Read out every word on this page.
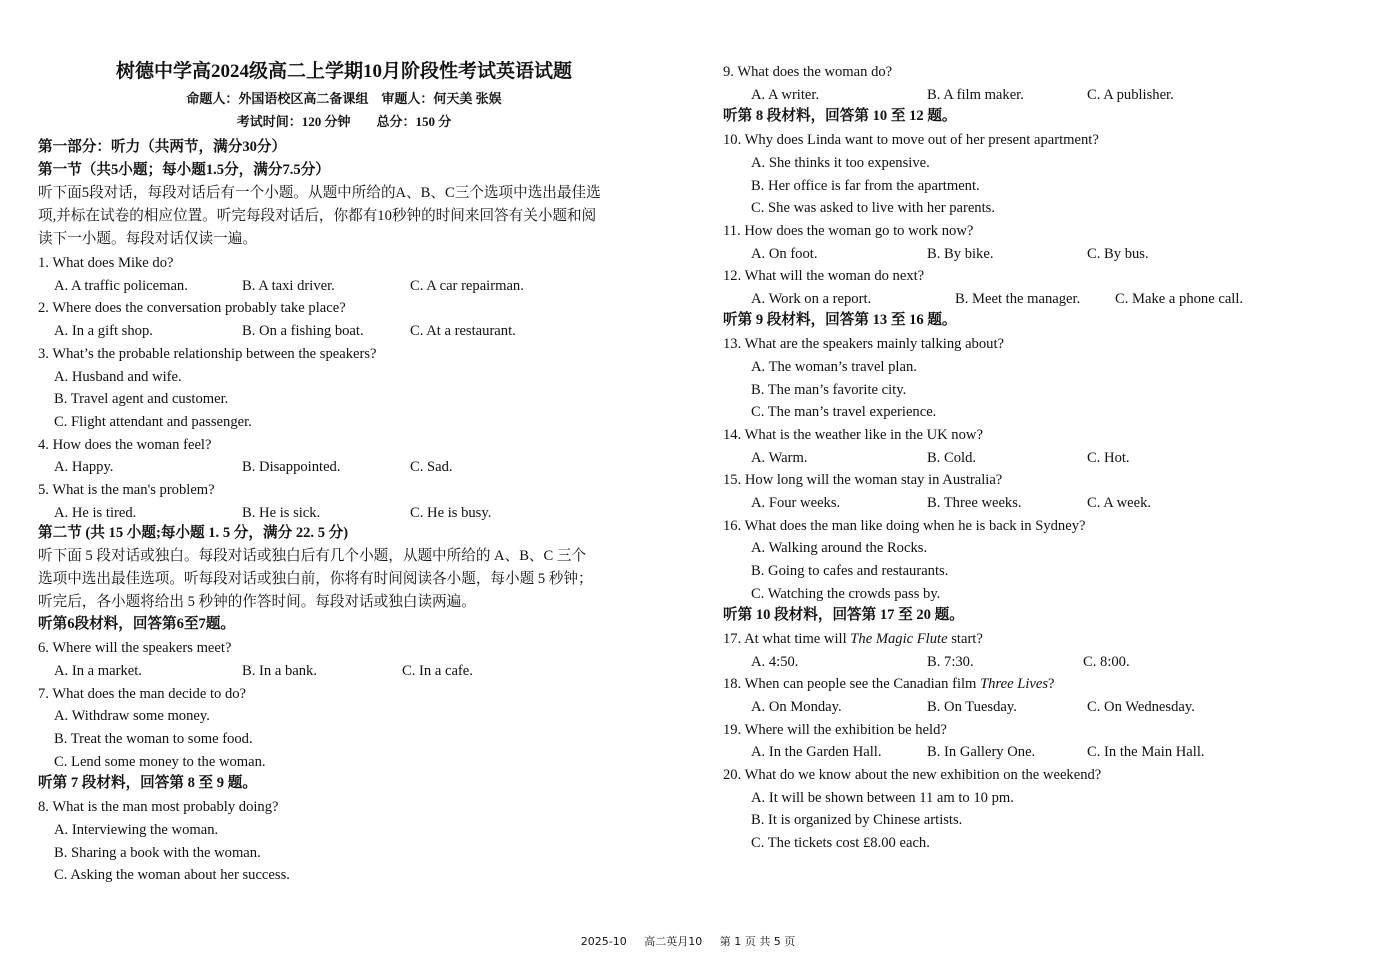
树德中学高2024级高二上学期10月阶段性考试英语试题
命题人：外国语校区高二备课组　审题人：何天美 张娱
考试时间：120 分钟　　总分：150 分
第一部分：听力（共两节，满分30分）
第一节（共5小题；每小题1.5分，满分7.5分）
听下面5段对话，每段对话后有一个小题。从题中所给的A、B、C三个选项中选出最佳选
项,并标在试卷的相应位置。听完每段对话后，你都有10秒钟的时间来回答有关小题和阅
读下一小题。每段对话仅读一遍。
1. What does Mike do?
A. A traffic policeman.	B. A taxi driver.	C. A car repairman.
2. Where does the conversation probably take place?
A. In a gift shop.	B. On a fishing boat.	C. At a restaurant.
3. What’s the probable relationship between the speakers?
A. Husband and wife.
B. Travel agent and customer.
C. Flight attendant and passenger.
4. How does the woman feel?
A. Happy.	B. Disappointed.	C. Sad.
5. What is the man's problem?
A. He is tired.	B. He is sick.	C. He is busy.
第二节 (共 15 小题;每小题 1. 5 分，满分 22. 5 分)
听下面 5 段对话或独白。每段对话或独白后有几个小题，从题中所给的 A、B、C 三个
选项中选出最佳选项。听每段对话或独白前，你将有时间阅读各小题，每小题 5 秒钟；
听完后，各小题将给出 5 秒钟的作答时间。每段对话或独白读两遍。
听第6段材料，回答第6至7题。
6. Where will the speakers meet?
A. In a market.	B. In a bank.	C. In a cafe.
7. What does the man decide to do?
A. Withdraw some money.
B. Treat the woman to some food.
C. Lend some money to the woman.
听第 7 段材料，回答第 8 至 9 题。
8. What is the man most probably doing?
A. Interviewing the woman.
B. Sharing a book with the woman.
C. Asking the woman about her success.
9. What does the woman do?
A. A writer.	B. A film maker.	C. A publisher.
听第 8 段材料，回答第 10 至 12 题。
10. Why does Linda want to move out of her present apartment?
A. She thinks it too expensive.
B. Her office is far from the apartment.
C. She was asked to live with her parents.
11. How does the woman go to work now?
A. On foot.	B. By bike.	C. By bus.
12. What will the woman do next?
A. Work on a report.	B. Meet the manager. C. Make a phone call.
听第 9 段材料，回答第 13 至 16 题。
13. What are the speakers mainly talking about?
A. The woman’s travel plan.
B. The man’s favorite city.
C. The man’s travel experience.
14. What is the weather like in the UK now?
A. Warm.	B. Cold.	C. Hot.
15. How long will the woman stay in Australia?
A. Four weeks.	B. Three weeks.	C. A week.
16. What does the man like doing when he is back in Sydney?
A. Walking around the Rocks.
B. Going to cafes and restaurants.
C. Watching the crowds pass by.
听第 10 段材料，回答第 17 至 20 题。
17. At what time will The Magic Flute start?
A. 4:50.	B. 7:30.	C. 8:00.
18. When can people see the Canadian film Three Lives?
A. On Monday.	B. On Tuesday.	C. On Wednesday.
19. Where will the exhibition be held?
A. In the Garden Hall.	B. In Gallery One.	C. In the Main Hall.
20. What do we know about the new exhibition on the weekend?
A. It will be shown between 11 am to 10 pm.
B. It is organized by Chinese artists.
C. The tickets cost £8.00 each.
2025-10 高二英月10 第 1 页 共 5 页
